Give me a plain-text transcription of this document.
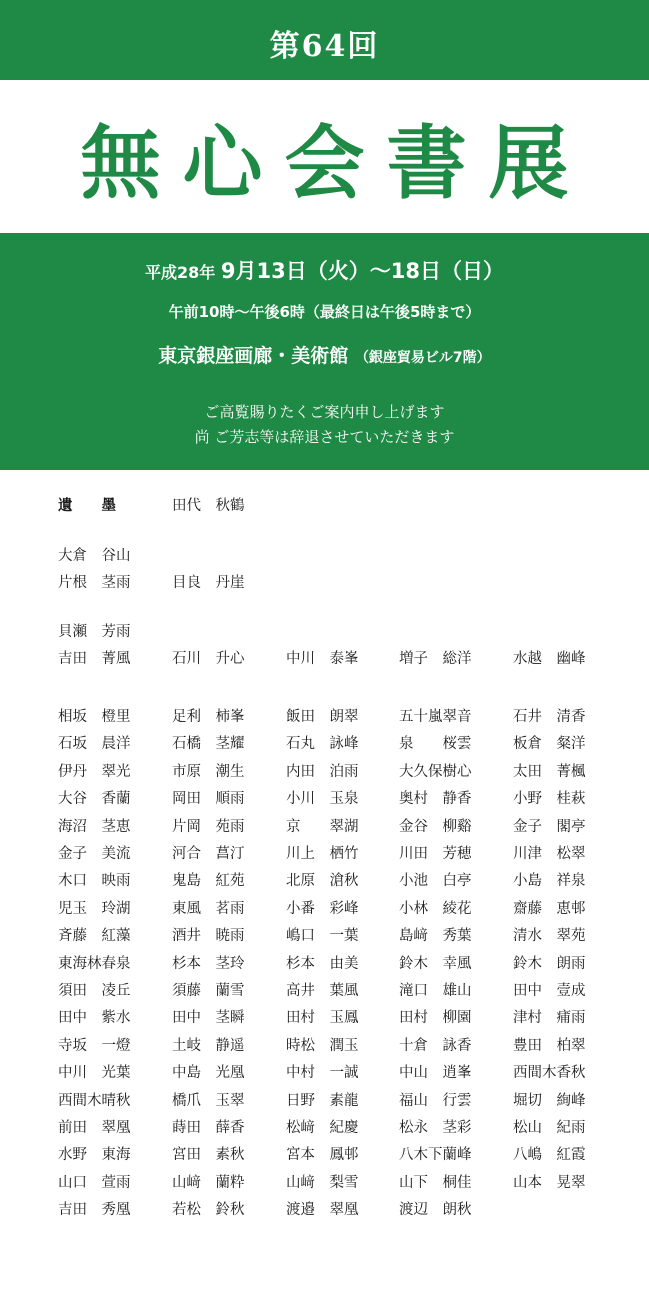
第64回
無心会書展
平成28年 9月13日（火）〜18日（日）
午前10時〜午後6時（最終日は午後5時まで）
東京銀座画廊・美術館 （銀座貿易ビル7階）
ご高覧賜りたくご案内申し上げます
尚 ご芳志等は辞退させていただきます
遺　　墨	田代　秋鶴
大倉　谷山
片根　茎雨	目良　丹崖
貝瀬　芳雨
吉田　菁風	石川　升心	中川　泰峯	増子　総洋	水越　幽峰
相坂　橙里	足利　柿峯	飯田　朗翠	五十嵐翠音	石井　清香
石坂　晨洋	石橋　茎耀	石丸　詠峰	泉　　桜雲	板倉　粲洋
伊丹　翠光	市原　潮生	内田　泊雨	大久保樹心	太田　菁楓
大谷　香蘭	岡田　順雨	小川　玉泉	奥村　静香	小野　桂萩
海沼　茎恵	片岡　苑雨	京　　翠湖	金谷　柳谿	金子　閣亭
金子　美流	河合　菖汀	川上　栖竹	川田　芳穂	川津　松翠
木口　映雨	鬼島　紅苑	北原　滄秋	小池　白亭	小島　祥泉
児玉　玲湖	東風　茗雨	小番　彩峰	小林　綾花	齋藤　恵邨
斉藤　紅藻	酒井　暁雨	嶋口　一葉	島﨑　秀葉	清水　翠苑
東海林春泉	杉本　茎玲	杉本　由美	鈴木　幸風	鈴木　朗雨
須田　凌丘	須藤　蘭雪	高井　葉風	滝口　雄山	田中　壹成
田中　紫水	田中　茎瞬	田村　玉鳳	田村　柳園	津村　痡雨
寺坂　一燈	土岐　静遥	時松　潤玉	十倉　詠香	豊田　柏翠
中川　光葉	中島　光凰	中村　一誠	中山　逍峯	西間木香秋
西間木晴秋	橋爪　玉翠	日野　素龍	福山　行雲	堀切　絢峰
前田　翠凰	蒔田　薛香	松﨑　紀慶	松永　茎彩	松山　紀雨
水野　東海	宮田　素秋	宮本　鳳邨	八木下蘭峰	八嶋　紅霞
山口　萱雨	山﨑　蘭粋	山﨑　梨雪	山下　桐佳	山本　晃翠
吉田　秀凰	若松　鈴秋	渡邉　翠凰	渡辺　朗秋
